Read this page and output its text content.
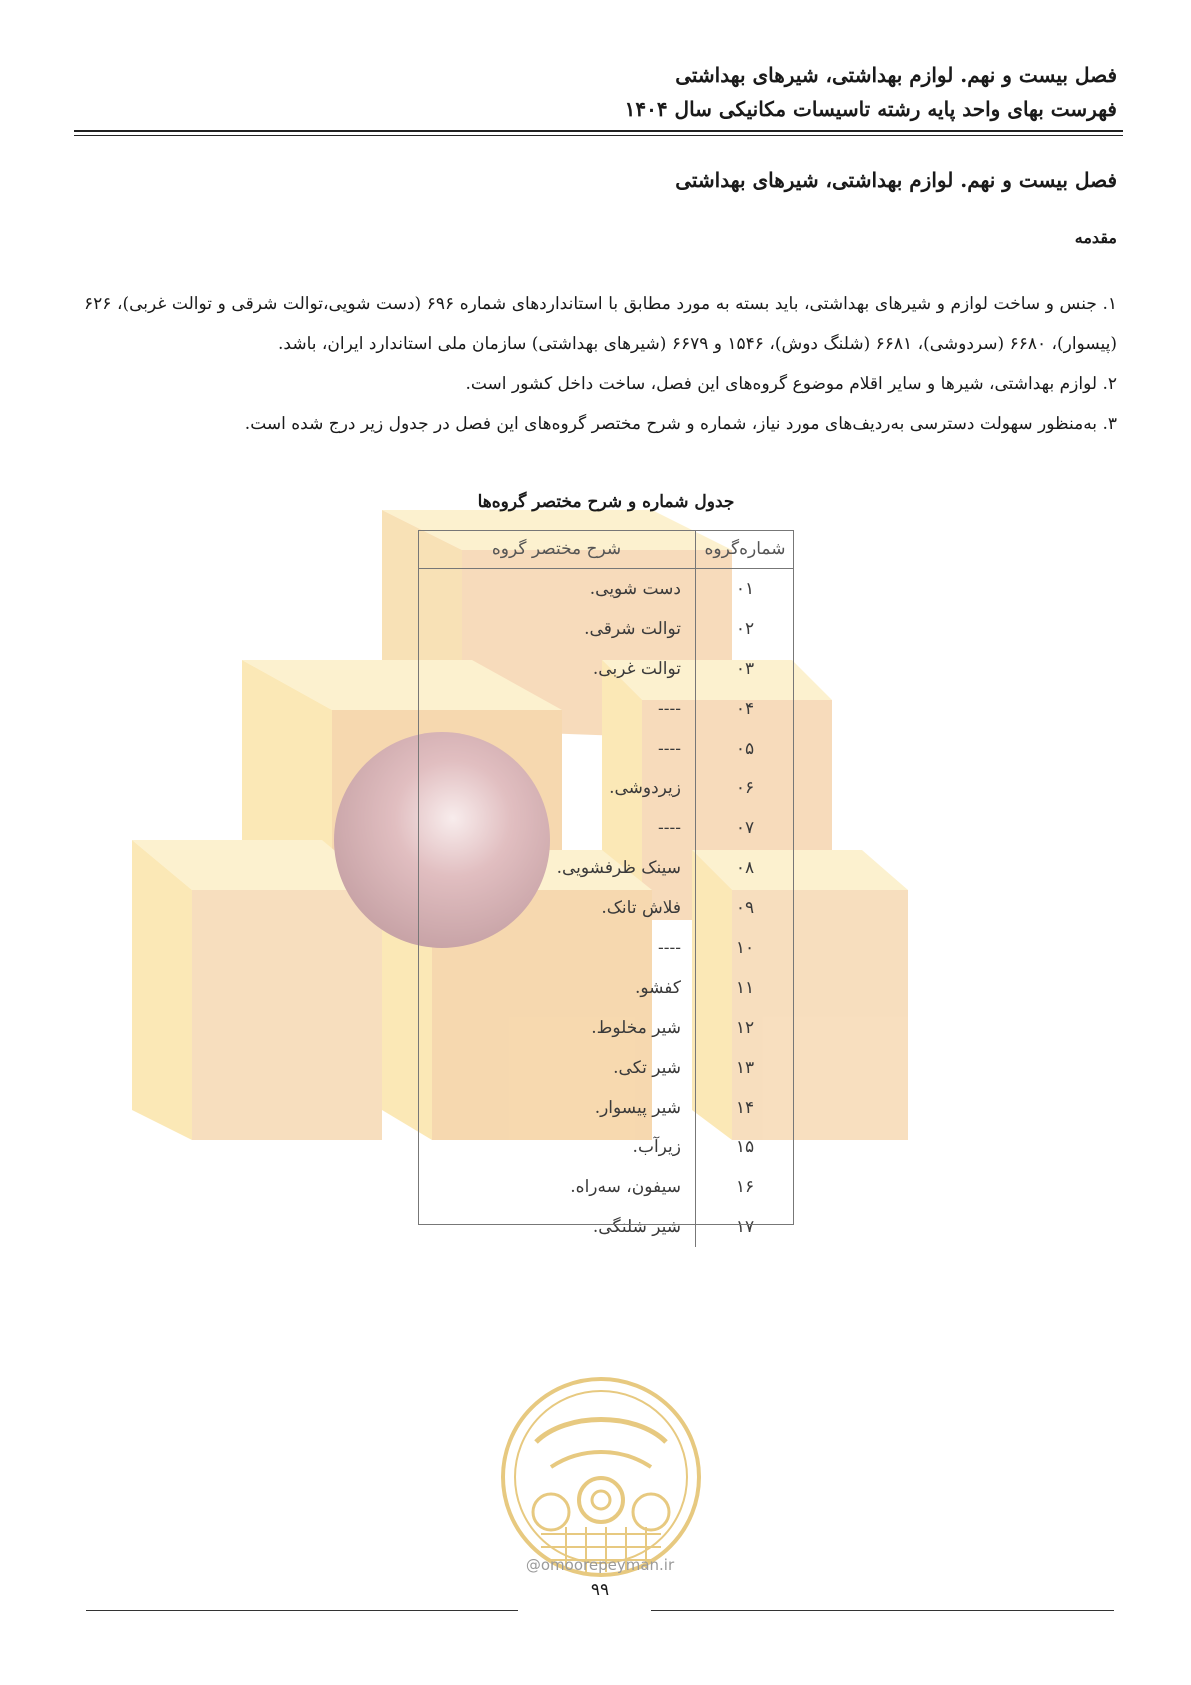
فصل بیست و نهم. لوازم بهداشتی، شیرهای بهداشتی
فهرست بهای واحد پایه رشته تاسیسات مکانیکی سال ۱۴۰۴
فصل بیست و نهم. لوازم بهداشتی، شیرهای بهداشتی
مقدمه

۱. جنس و ساخت لوازم و شیرهای بهداشتی، باید بسته به مورد مطابق با استانداردهای شماره ۶۹۶ (دست شویی،توالت شرقی و توالت غربی)، ۶۲۶ (پیسوار)، ۶۶۸۰ (سردوشی)، ۶۶۸۱ (شلنگ دوش)، ۱۵۴۶ و ۶۶۷۹ (شیرهای بهداشتی) سازمان ملی استاندارد ایران، باشد.

۲. لوازم بهداشتی، شیرها و سایر اقلام موضوع گروه‌های این فصل، ساخت داخل کشور است.

۳. به‌منظور سهولت دسترسی به‌ردیف‌های مورد نیاز، شماره و شرح مختصر گروه‌های این فصل در جدول زیر درج شده است.

جدول شماره و شرح مختصر گروه‌ها
شماره‌گروه	شرح مختصر گروه
۰۱	دست شویی.
۰۲	توالت شرقی.
۰۳	توالت غربی.
۰۴	----
۰۵	----
۰۶	زیردوشی.
۰۷	----
۰۸	سینک ظرفشویی.
۰۹	فلاش تانک.
۱۰	----
۱۱	کفشو.
۱۲	شیر مخلوط.
۱۳	شیر تکی.
۱۴	شیر پیسوار.
۱۵	زیرآب.
۱۶	سیفون، سه‌راه.
۱۷	شیر شلنگی.
@omoorepeyman.ir
۹۹
